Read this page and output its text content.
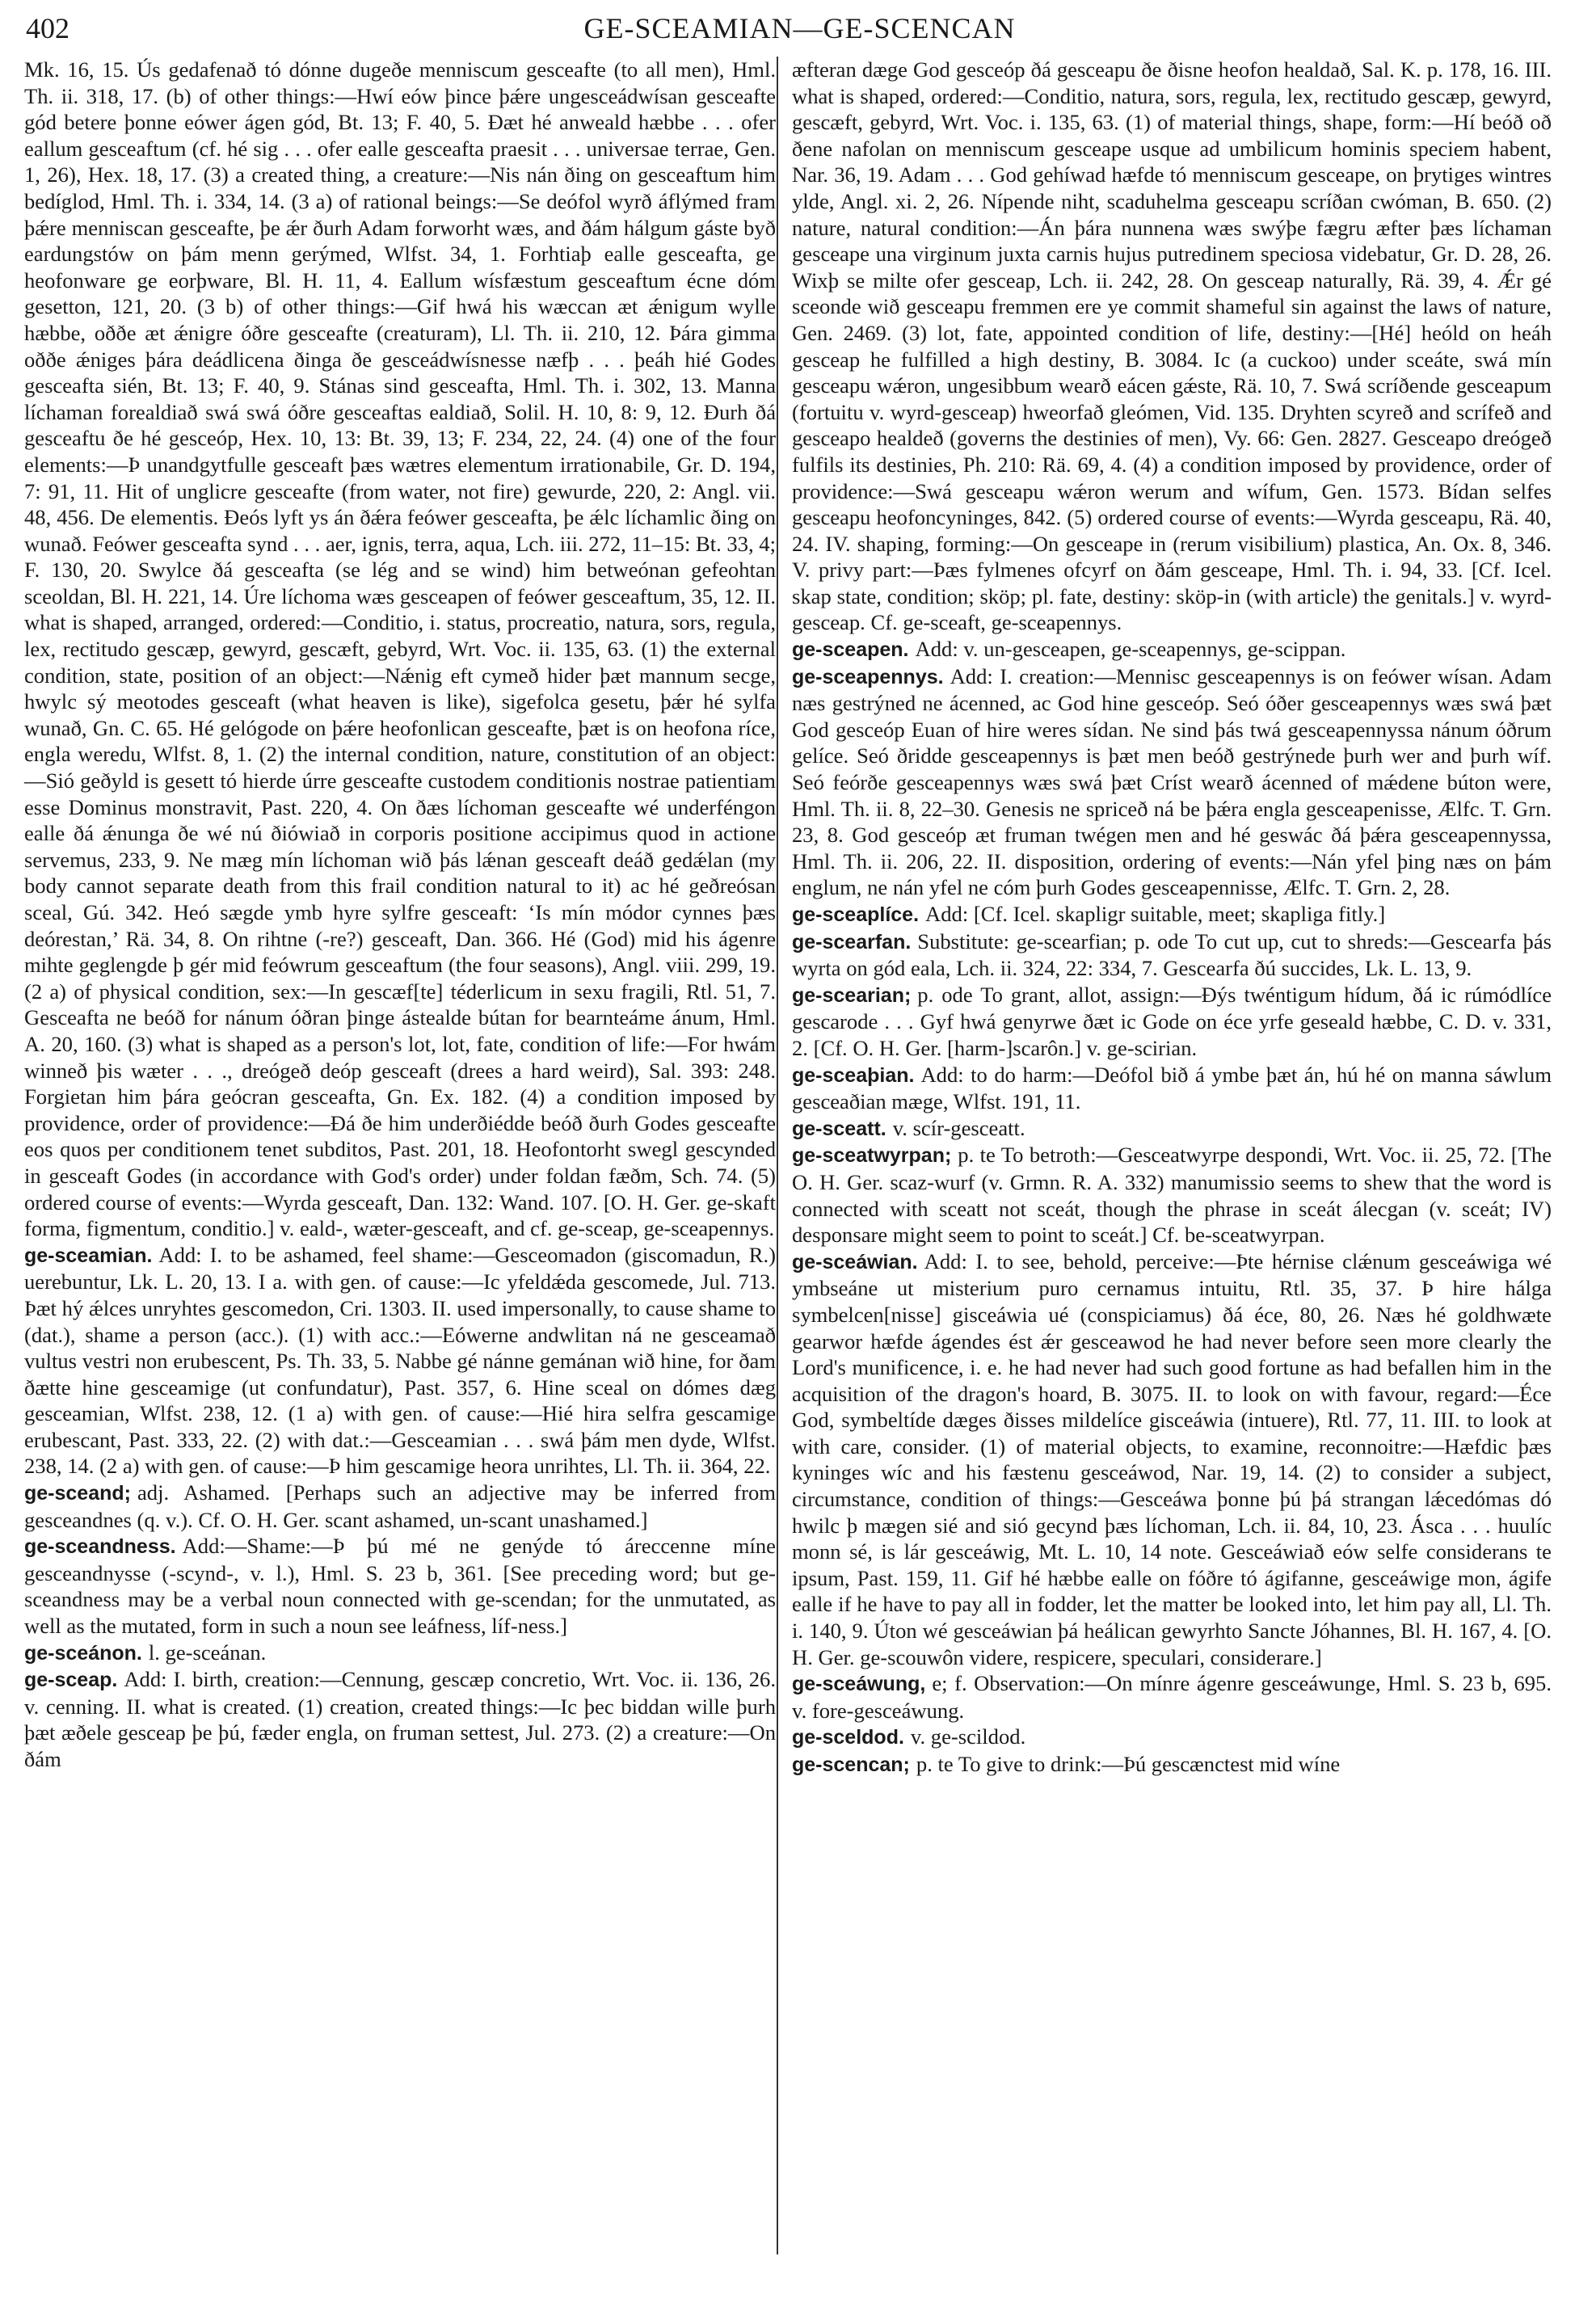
402	GE-SCEAMIAN—GE-SCENCAN

Mk. 16, 15. Ús gedafenað tó dónne dugeðe menniscum gesceafte (to all men), Hml. Th. ii. 318, 17. (b) of other things:—Hwí eów þince þǽre ungesceádwísan gesceafte gód betere þonne eówer ágen gód, Bt. 13; F. 40, 5. Ðæt hé anweald hæbbe . . . ofer eallum gesceaftum (cf. hé sig . . . ofer ealle gesceafta praesit . . . universae terrae, Gen. 1, 26), Hex. 18, 17. (3) a created thing, a creature:—Nis nán ðing on gesceaftum him bedíglod, Hml. Th. i. 334, 14. (3 a) of rational beings:—Se deófol wyrð áflýmed fram þǽre menniscan gesceafte, þe ǽr ðurh Adam forworht wæs, and ðám hálgum gáste byð eardungstów on þám menn gerýmed, Wlfst. 34, 1. Forhtiaþ ealle gesceafta, ge heofonware ge eorþware, Bl. H. 11, 4. Eallum wísfæstum gesceaftum écne dóm gesetton, 121, 20. (3 b) of other things:—Gif hwá his wæccan æt ǽnigum wylle hæbbe, oððe æt ǽnigre óðre gesceafte (creaturam), Ll. Th. ii. 210, 12. Þára gimma oððe ǽniges þára deádlicena ðinga ðe gesceádwísnesse næfþ . . . þeáh hié Godes gesceafta sién, Bt. 13; F. 40, 9. Stánas sind gesceafta, Hml. Th. i. 302, 13. Manna líchaman forealdiað swá swá óðre gesceaftas ealdiað, Solil. H. 10, 8: 9, 12. Ðurh ðá gesceaftu ðe hé gesceóp, Hex. 10, 13: Bt. 39, 13; F. 234, 22, 24. (4) one of the four elements:—Þ unandgytfulle gesceaft þæs wætres elementum irrationabile, Gr. D. 194, 7: 91, 11. Hit of unglicre gesceafte (from water, not fire) gewurde, 220, 2: Angl. vii. 48, 456. De elementis. Ðeós lyft ys án ðǽra feówer gesceafta, þe ǽlc líchamlic ðing on wunað. Feówer gesceafta synd . . . aer, ignis, terra, aqua, Lch. iii. 272, 11–15: Bt. 33, 4; F. 130, 20. Swylce ðá gesceafta (se lég and se wind) him betweónan gefeohtan sceoldan, Bl. H. 221, 14. Úre líchoma wæs gesceapen of feówer gesceaftum, 35, 12. II. what is shaped, arranged, ordered:—Conditio, i. status, procreatio, natura, sors, regula, lex, rectitudo gescæp, gewyrd, gescæft, gebyrd, Wrt. Voc. ii. 135, 63. (1) the external condition, state, position of an object:—Nǽnig eft cymeð hider þæt mannum secge, hwylc sý meotodes gesceaft (what heaven is like), sigefolca gesetu, þǽr hé sylfa wunað, Gn. C. 65. Hé gelógode on þǽre heofonlican gesceafte, þæt is on heofona ríce, engla weredu, Wlfst. 8, 1. (2) the internal condition, nature, constitution of an object:—Sió geðyld is gesett tó hierde úrre gesceafte custodem conditionis nostrae patientiam esse Dominus monstravit, Past. 220, 4. On ðæs líchoman gesceafte wé underféngon ealle ðá ǽnunga ðe wé nú ðiówiað in corporis positione accipimus quod in actione servemus, 233, 9. Ne mæg mín líchoman wið þás lǽnan gesceaft deáð gedǽlan (my body cannot separate death from this frail condition natural to it) ac hé geðreósan sceal, Gú. 342. Heó sægde ymb hyre sylfre gesceaft: ‘Is mín módor cynnes þæs deórestan,’ Rä. 34, 8. On rihtne (-re?) gesceaft, Dan. 366. Hé (God) mid his ágenre mihte geglengde þ gér mid feówrum gesceaftum (the four seasons), Angl. viii. 299, 19. (2 a) of physical condition, sex:—In gescæf[te] téderlicum in sexu fragili, Rtl. 51, 7. Gesceafta ne beóð for nánum óðran þinge ástealde bútan for bearnteáme ánum, Hml. A. 20, 160. (3) what is shaped as a person's lot, lot, fate, condition of life:—For hwám winneð þis wæter . . ., dreógeð deóp gesceaft (drees a hard weird), Sal. 393: 248. Forgietan him þára geócran gesceafta, Gn. Ex. 182. (4) a condition imposed by providence, order of providence:—Ðá ðe him underðiédde beóð ðurh Godes gesceafte eos quos per conditionem tenet subditos, Past. 201, 18. Heofontorht swegl gescynded in gesceaft Godes (in accordance with God's order) under foldan fæðm, Sch. 74. (5) ordered course of events:—Wyrda gesceaft, Dan. 132: Wand. 107. [O. H. Ger. ge-skaft forma, figmentum, conditio.] v. eald-, wæter-gesceaft, and cf. ge-sceap, ge-sceapennys.

ge-sceamian. Add: I. to be ashamed, feel shame:—Gesceomadon (giscomadun, R.) uerebuntur, Lk. L. 20, 13. I a. with gen. of cause:—Ic yfeldǽda gescomede, Jul. 713. Þæt hý ǽlces unryhtes gescomedon, Cri. 1303. II. used impersonally, to cause shame to (dat.), shame a person (acc.). (1) with acc.:—Eówerne andwlitan ná ne gesceamað vultus vestri non erubescent, Ps. Th. 33, 5. Nabbe gé nánne gemánan wið hine, for ðam ðætte hine gesceamige (ut confundatur), Past. 357, 6. Hine sceal on dómes dæg gesceamian, Wlfst. 238, 12. (1 a) with gen. of cause:—Hié hira selfra gescamige erubescant, Past. 333, 22. (2) with dat.:—Gesceamian . . . swá þám men dyde, Wlfst. 238, 14. (2 a) with gen. of cause:—Þ him gescamige heora unrihtes, Ll. Th. ii. 364, 22.

ge-sceand; adj. Ashamed. [Perhaps such an adjective may be inferred from gesceandnes (q. v.). Cf. O. H. Ger. scant ashamed, un-scant unashamed.]

ge-sceandness. Add:—Shame:—Þ þú mé ne genýde tó áreccenne míne gesceandnysse (-scynd-, v. l.), Hml. S. 23 b, 361. [See preceding word; but ge-sceandness may be a verbal noun connected with ge-scendan; for the unmutated, as well as the mutated, form in such a noun see leáfness, líf-ness.]

ge-sceánon. l. ge-sceánan.

ge-sceap. Add: I. birth, creation:—Cennung, gescæp concretio, Wrt. Voc. ii. 136, 26. v. cenning. II. what is created. (1) creation, created things:—Ic þec biddan wille þurh þæt æðele gesceap þe þú, fæder engla, on fruman settest, Jul. 273. (2) a creature:—On ðám

æfteran dæge God gesceóp ðá gesceapu ðe ðisne heofon healdað, Sal. K. p. 178, 16. III. what is shaped, ordered:—Conditio, natura, sors, regula, lex, rectitudo gescæp, gewyrd, gescæft, gebyrd, Wrt. Voc. i. 135, 63. (1) of material things, shape, form:—Hí beóð oð ðene nafolan on menniscum gesceape usque ad umbilicum hominis speciem habent, Nar. 36, 19. Adam . . . God gehíwad hæfde tó menniscum gesceape, on þrytiges wintres ylde, Angl. xi. 2, 26. Nípende niht, scaduhelma gesceapu scríðan cwóman, B. 650. (2) nature, natural condition:—Án þára nunnena wæs swýþe fægru æfter þæs líchaman gesceape una virginum juxta carnis hujus putredinem speciosa videbatur, Gr. D. 28, 26. Wixþ se milte ofer gesceap, Lch. ii. 242, 28. On gesceap naturally, Rä. 39, 4. Ǽr gé sceonde wið gesceapu fremmen ere ye commit shameful sin against the laws of nature, Gen. 2469. (3) lot, fate, appointed condition of life, destiny:—[Hé] heóld on heáh gesceap he fulfilled a high destiny, B. 3084. Ic (a cuckoo) under sceáte, swá mín gesceapu wǽron, ungesibbum wearð eácen gǽste, Rä. 10, 7. Swá scríðende gesceapum (fortuitu v. wyrd-gesceap) hweorfað gleómen, Vid. 135. Dryhten scyreð and scrífeð and gesceapo healdeð (governs the destinies of men), Vy. 66: Gen. 2827. Gesceapo dreógeð fulfils its destinies, Ph. 210: Rä. 69, 4. (4) a condition imposed by providence, order of providence:—Swá gesceapu wǽron werum and wífum, Gen. 1573. Bídan selfes gesceapu heofoncyninges, 842. (5) ordered course of events:—Wyrda gesceapu, Rä. 40, 24. IV. shaping, forming:—On gesceape in (rerum visibilium) plastica, An. Ox. 8, 346. V. privy part:—Þæs fylmenes ofcyrf on ðám gesceape, Hml. Th. i. 94, 33. [Cf. Icel. skap state, condition; sköp; pl. fate, destiny: sköp-in (with article) the genitals.] v. wyrd-gesceap. Cf. ge-sceaft, ge-sceapennys.

ge-sceapen. Add: v. un-gesceapen, ge-sceapennys, ge-scippan.

ge-sceapennys. Add: I. creation:—Mennisc gesceapennys is on feówer wísan. Adam næs gestrýned ne ácenned, ac God hine gesceóp. Seó óðer gesceapennys wæs swá þæt God gesceóp Euan of hire weres sídan. Ne sind þás twá gesceapennyssa nánum óðrum gelíce. Seó ðridde gesceapennys is þæt men beóð gestrýnede þurh wer and þurh wíf. Seó feórðe gesceapennys wæs swá þæt Críst wearð ácenned of mǽdene búton were, Hml. Th. ii. 8, 22–30. Genesis ne spriceð ná be þǽra engla gesceapenisse, Ælfc. T. Grn. 23, 8. God gesceóp æt fruman twégen men and hé geswác ðá þǽra gesceapennyssa, Hml. Th. ii. 206, 22. II. disposition, ordering of events:—Nán yfel þing næs on þám englum, ne nán yfel ne cóm þurh Godes gesceapennisse, Ælfc. T. Grn. 2, 28.

ge-sceaplíce. Add: [Cf. Icel. skapligr suitable, meet; skapliga fitly.]

ge-scearfan. Substitute: ge-scearfian; p. ode To cut up, cut to shreds:—Gescearfa þás wyrta on gód eala, Lch. ii. 324, 22: 334, 7. Gescearfa ðú succides, Lk. L. 13, 9.

ge-scearian; p. ode To grant, allot, assign:—Ðýs twéntigum hídum, ðá ic rúmódlíce gescarode . . . Gyf hwá genyrwe ðæt ic Gode on éce yrfe geseald hæbbe, C. D. v. 331, 2. [Cf. O. H. Ger. [harm-]scarôn.] v. ge-scirian.

ge-sceaþian. Add: to do harm:—Deófol bið á ymbe þæt án, hú hé on manna sáwlum gesceaðian mæge, Wlfst. 191, 11.

ge-sceatt. v. scír-gesceatt.

ge-sceatwyrpan; p. te To betroth:—Gesceatwyrpe despondi, Wrt. Voc. ii. 25, 72. [The O. H. Ger. scaz-wurf (v. Grmn. R. A. 332) manumissio seems to shew that the word is connected with sceatt not sceát, though the phrase in sceát álecgan (v. sceát; IV) desponsare might seem to point to sceát.] Cf. be-sceatwyrpan.

ge-sceáwian. Add: I. to see, behold, perceive:—Þte hérnise clǽnum gesceáwiga wé ymbseáne ut misterium puro cernamus intuitu, Rtl. 35, 37. Þ hire hálga symbelcen[nisse] gisceáwia ué (conspiciamus) ðá éce, 80, 26. Næs hé goldhwæte gearwor hæfde ágendes ést ǽr gesceawod he had never before seen more clearly the Lord's munificence, i. e. he had never had such good fortune as had befallen him in the acquisition of the dragon's hoard, B. 3075. II. to look on with favour, regard:—Éce God, symbeltíde dæges ðisses mildelíce gisceáwia (intuere), Rtl. 77, 11. III. to look at with care, consider. (1) of material objects, to examine, reconnoitre:—Hæfdic þæs kyninges wíc and his fæstenu gesceáwod, Nar. 19, 14. (2) to consider a subject, circumstance, condition of things:—Gesceáwa þonne þú þá strangan lǽcedómas dó hwilc þ mægen sié and sió gecynd þæs líchoman, Lch. ii. 84, 10, 23. Ásca . . . huulíc monn sé, is lár gesceáwig, Mt. L. 10, 14 note. Gesceáwiað eów selfe considerans te ipsum, Past. 159, 11. Gif hé hæbbe ealle on fóðre tó ágifanne, gesceáwige mon, ágife ealle if he have to pay all in fodder, let the matter be looked into, let him pay all, Ll. Th. i. 140, 9. Úton wé gesceáwian þá heálican gewyrhto Sancte Jóhannes, Bl. H. 167, 4. [O. H. Ger. ge-scouwôn videre, respicere, speculari, considerare.]

ge-sceáwung, e; f. Observation:—On mínre ágenre gesceáwunge, Hml. S. 23 b, 695. v. fore-gesceáwung.

ge-sceldod. v. ge-scildod.

ge-scencan; p. te To give to drink:—Þú gescænctest mid wíne
